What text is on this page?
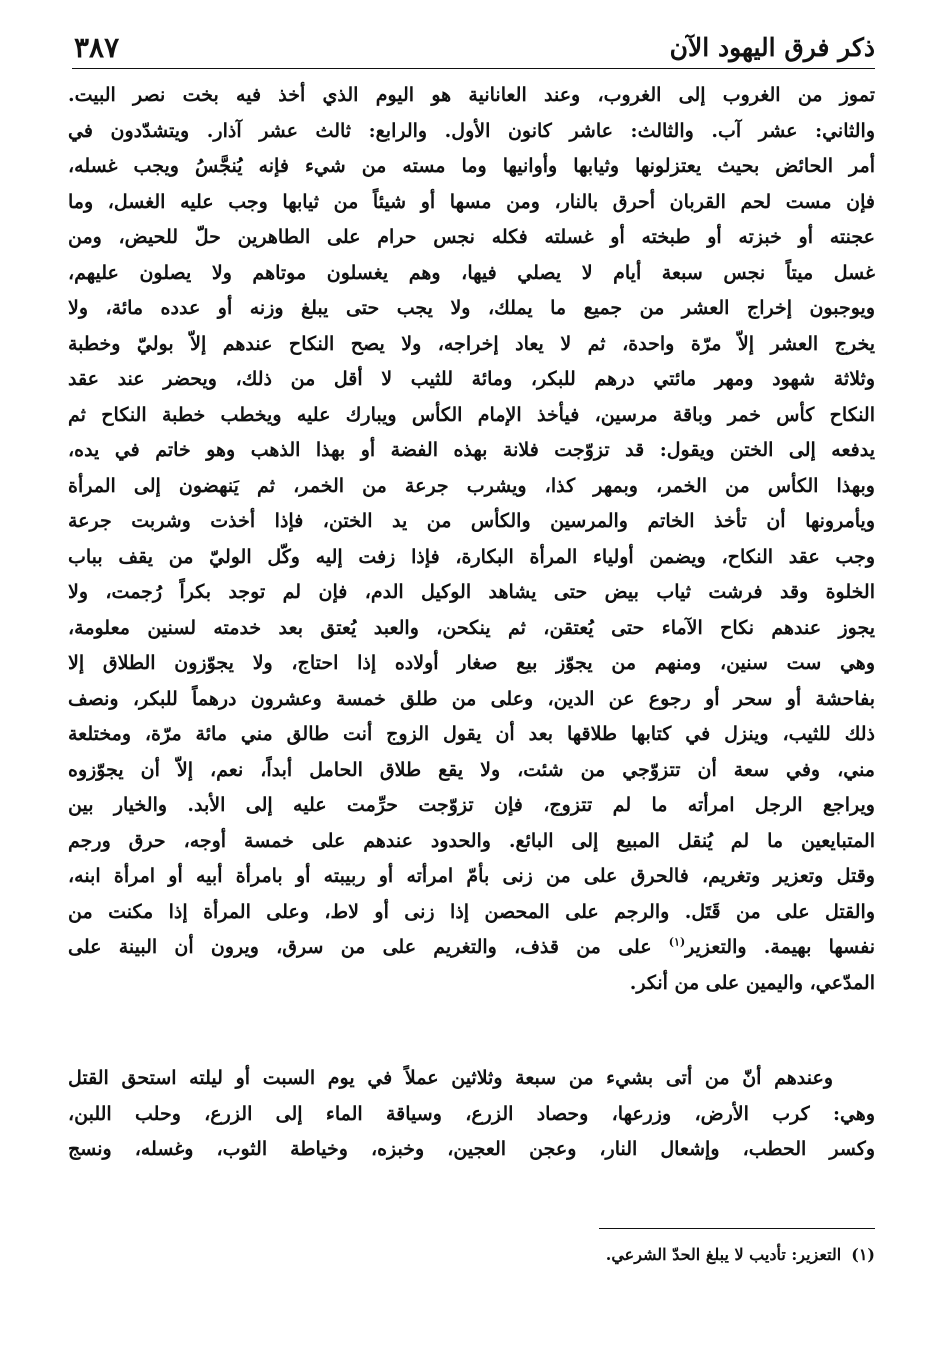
ذكر فرق اليهود الآن
٣٨٧
تموز من الغروب إلى الغروب، وعند العانانية هو اليوم الذي أخذ فيه بخت نصر البيت.
والثاني: عشر آب. والثالث: عاشر كانون الأول. والرابع: ثالث عشر آذار. ويتشدّدون في
أمر الحائض بحيث يعتزلونها وثيابها وأوانيها وما مسته من شيء فإنه يُنجَّسُ ويجب غسله،
فإن مست لحم القربان أحرق بالنار، ومن مسها أو شيئاً من ثيابها وجب عليه الغسل، وما
عجنته أو خبزته أو طبخته أو غسلته فكله نجس حرام على الطاهرين حلّ للحيض، ومن
غسل ميتاً نجس سبعة أيام لا يصلي فيها، وهم يغسلون موتاهم ولا يصلون عليهم،
ويوجبون إخراج العشر من جميع ما يملك، ولا يجب حتى يبلغ وزنه أو عدده مائة، ولا
يخرج العشر إلاّ مرّة واحدة، ثم لا يعاد إخراجه، ولا يصح النكاح عندهم إلاّ بوليّ وخطبة
وثلاثة شهود ومهر مائتي درهم للبكر، ومائة للثيب لا أقل من ذلك، ويحضر عند عقد
النكاح كأس خمر وباقة مرسين، فيأخذ الإمام الكأس ويبارك عليه ويخطب خطبة النكاح ثم
يدفعه إلى الختن ويقول: قد تزوّجت فلانة بهذه الفضة أو بهذا الذهب وهو خاتم في يده،
وبهذا الكأس من الخمر، وبمهر كذا، ويشرب جرعة من الخمر، ثم يَنهضون إلى المرأة
ويأمرونها أن تأخذ الخاتم والمرسين والكأس من يد الختن، فإذا أخذت وشربت جرعة
وجب عقد النكاح، ويضمن أولياء المرأة البكارة، فإذا زفت إليه وكّل الوليّ من يقف بباب
الخلوة وقد فرشت ثياب بيض حتى يشاهد الوكيل الدم، فإن لم توجد بكراً رُجمت، ولا
يجوز عندهم نكاح الآماء حتى يُعتقن، ثم ينكحن، والعبد يُعتق بعد خدمته لسنين معلومة،
وهي ست سنين، ومنهم من يجوّز بيع صغار أولاده إذا احتاج، ولا يجوّزون الطلاق إلا
بفاحشة أو سحر أو رجوع عن الدين، وعلى من طلق خمسة وعشرون درهماً للبكر، ونصف
ذلك للثيب، وينزل في كتابها طلاقها بعد أن يقول الزوج أنت طالق مني مائة مرّة، ومختلعة
مني، وفي سعة أن تتزوّجي من شئت، ولا يقع طلاق الحامل أبداً، نعم، إلاّ أن يجوّزوه
ويراجع الرجل امرأته ما لم تتزوج، فإن تزوّجت حرِّمت عليه إلى الأبد. والخيار بين
المتبايعين ما لم يُنقل المبيع إلى البائع. والحدود عندهم على خمسة أوجه، حرق ورجم
وقتل وتعزير وتغريم، فالحرق على من زنى بأمّ امرأته أو ربيبته أو بامرأة أبيه أو امرأة ابنه،
والقتل على من قَتَل. والرجم على المحصن إذا زنى أو لاط، وعلى المرأة إذا مكنت من
نفسها بهيمة. والتعزير$^{(١)}$ على من قذف، والتغريم على من سرق، ويرون أن البينة على
المدّعي، واليمين على من أنكر.
وعندهم أنّ من أتى بشيء من سبعة وثلاثين عملاً في يوم السبت أو ليلته استحق القتل
وهي: كرب الأرض، وزرعها، وحصاد الزرع، وسياقة الماء إلى الزرع، وحلب اللبن،
وكسر الحطب، وإشعال النار، وعجن العجين، وخبزه، وخياطة الثوب، وغسله، ونسج
(١)التعزير: تأديب لا يبلغ الحدّ الشرعي.
